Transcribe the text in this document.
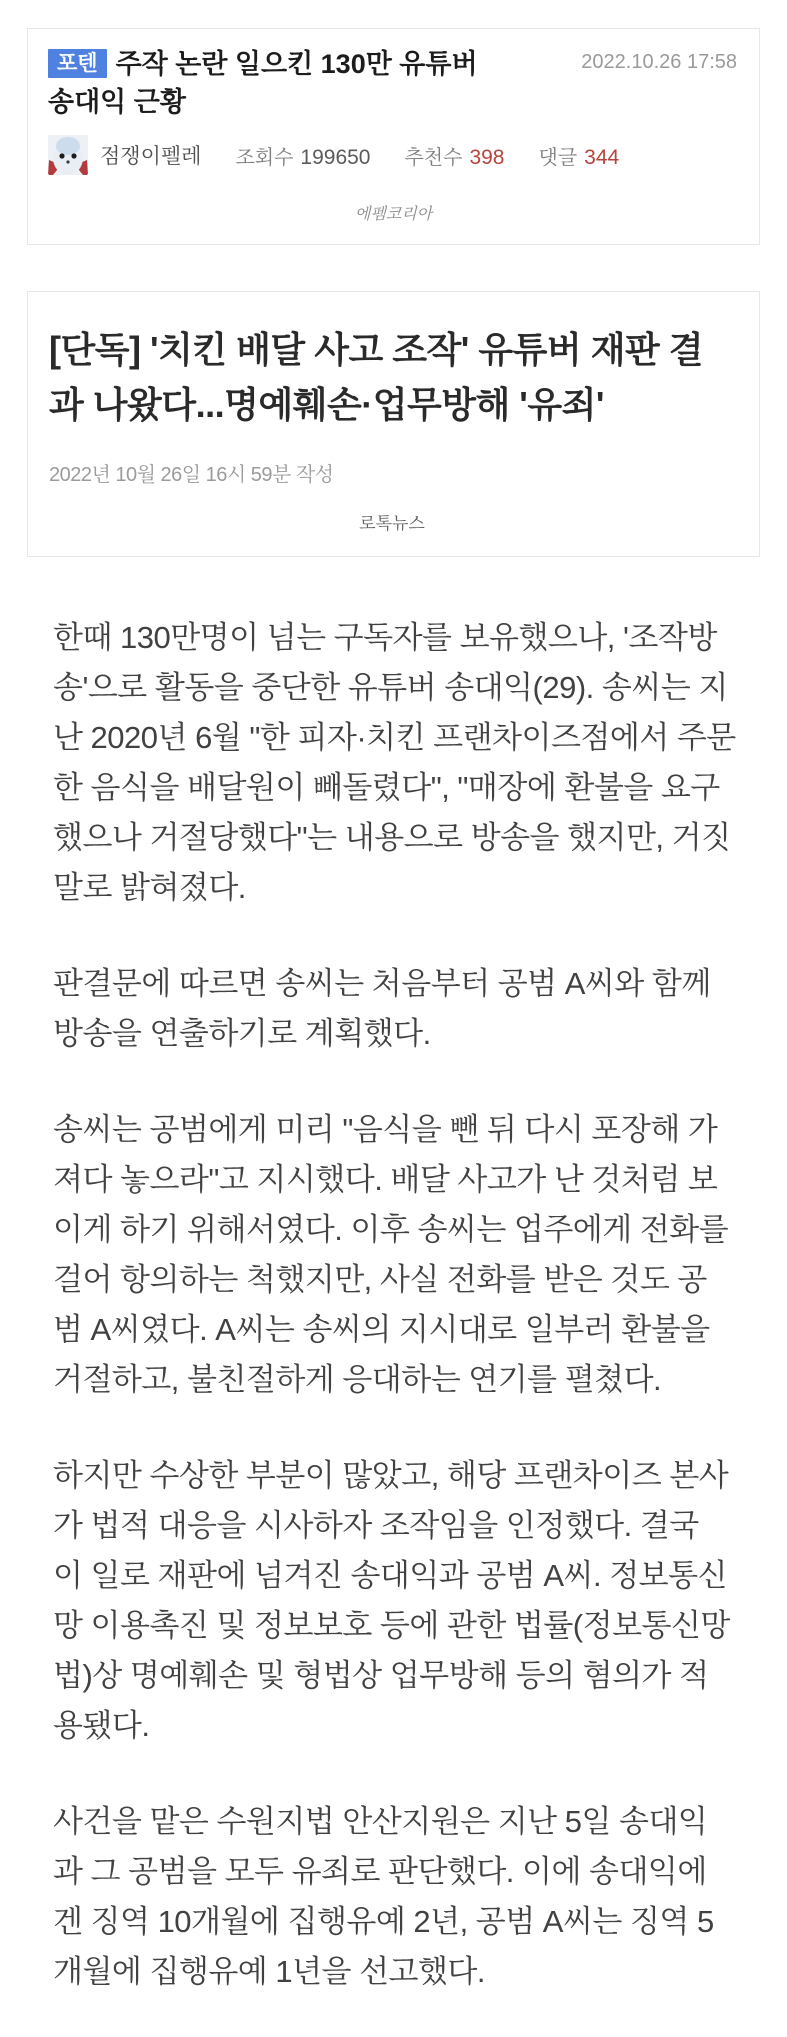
2022.10.26 17:58
포텐 주작 논란 일으킨 130만 유튜버 송대익 근황
점쟁이펠레 조회수 199650 추천수 398 댓글 344
에펨코리아
[단독] '치킨 배달 사고 조작' 유튜버 재판 결과 나왔다...명예훼손·업무방해 '유죄'
2022년 10월 26일 16시 59분 작성
로톡뉴스

한때 130만명이 넘는 구독자를 보유했으나, '조작방송'으로 활동을 중단한 유튜버 송대익(29). 송씨는 지난 2020년 6월 "한 피자·치킨 프랜차이즈점에서 주문한 음식을 배달원이 빼돌렸다", "매장에 환불을 요구했으나 거절당했다"는 내용으로 방송을 했지만, 거짓말로 밝혀졌다.

판결문에 따르면 송씨는 처음부터 공범 A씨와 함께 방송을 연출하기로 계획했다.

송씨는 공범에게 미리 "음식을 뺀 뒤 다시 포장해 가져다 놓으라"고 지시했다. 배달 사고가 난 것처럼 보이게 하기 위해서였다. 이후 송씨는 업주에게 전화를 걸어 항의하는 척했지만, 사실 전화를 받은 것도 공범 A씨였다. A씨는 송씨의 지시대로 일부러 환불을 거절하고, 불친절하게 응대하는 연기를 펼쳤다.

하지만 수상한 부분이 많았고, 해당 프랜차이즈 본사가 법적 대응을 시사하자 조작임을 인정했다. 결국 이 일로 재판에 넘겨진 송대익과 공범 A씨. 정보통신망 이용촉진 및 정보보호 등에 관한 법률(정보통신망법)상 명예훼손 및 형법상 업무방해 등의 혐의가 적용됐다.

사건을 맡은 수원지법 안산지원은 지난 5일 송대익과 그 공범을 모두 유죄로 판단했다. 이에 송대익에겐 징역 10개월에 집행유예 2년, 공범 A씨는 징역 5개월에 집행유예 1년을 선고했다.
